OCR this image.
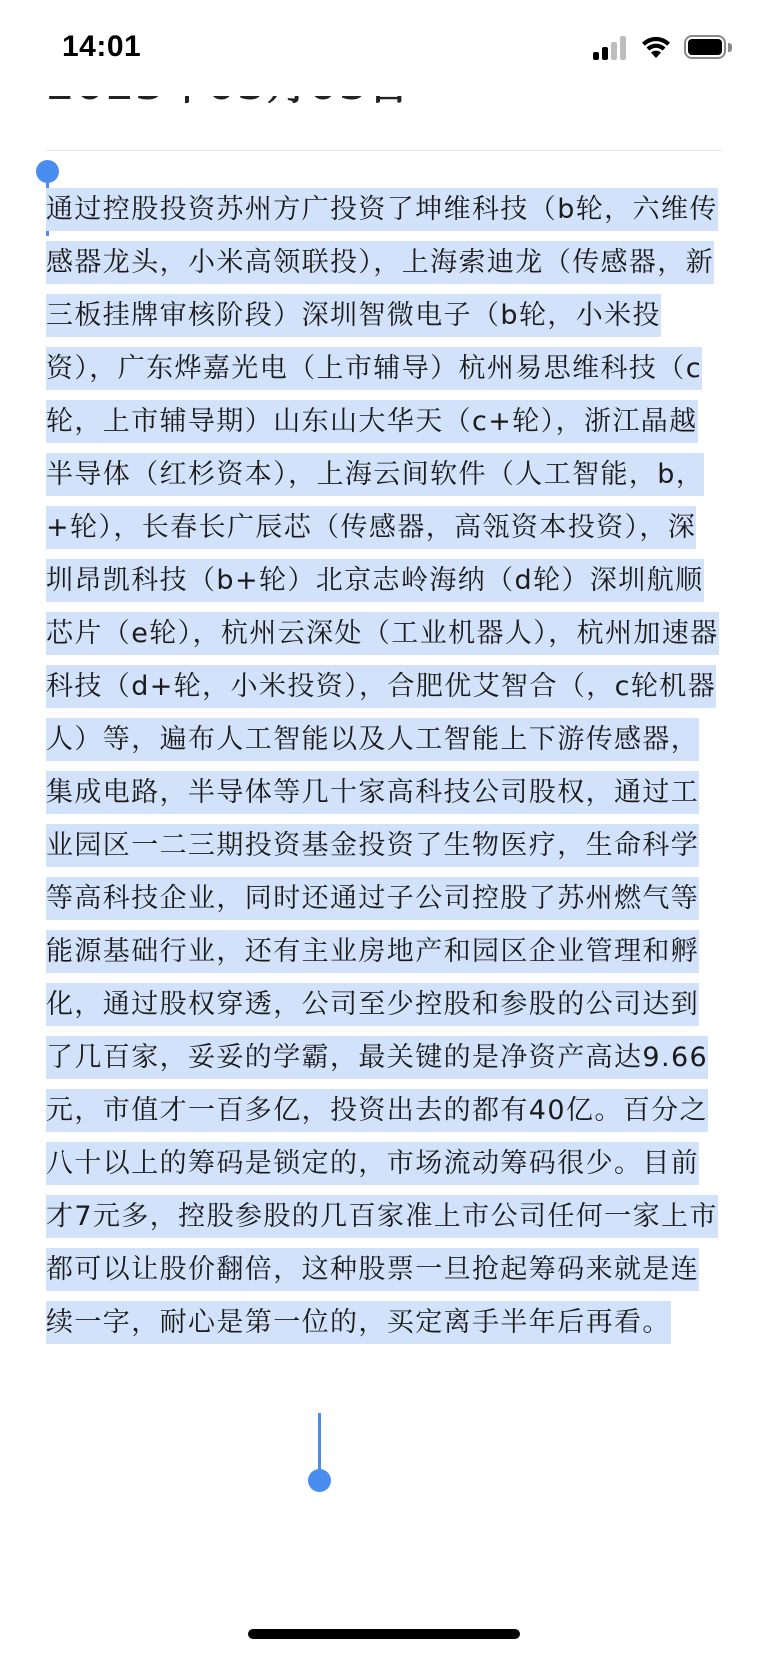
14:01
通过控股投资苏州方广投资了坤维科技（b轮，六维传感器龙头，小米高领联投），上海索迪龙（传感器，新三板挂牌审核阶段）深圳智微电子（b轮，小米投资），广东烨嘉光电（上市辅导）杭州易思维科技（c轮，上市辅导期）山东山大华天（c+轮），浙江晶越半导体（红杉资本），上海云间软件（人工智能，b，+轮），长春长广辰芯（传感器，高瓴资本投资），深圳昂凯科技（b+轮）北京志岭海纳（d轮）深圳航顺芯片（e轮），杭州云深处（工业机器人），杭州加速器科技（d+轮，小米投资），合肥优艾智合（，c轮机器人）等，遍布人工智能以及人工智能上下游传感器，集成电路，半导体等几十家高科技公司股权，通过工业园区一二三期投资基金投资了生物医疗，生命科学等高科技企业，同时还通过子公司控股了苏州燃气等能源基础行业，还有主业房地产和园区企业管理和孵化，通过股权穿透，公司至少控股和参股的公司达到了几百家，妥妥的学霸，最关键的是净资产高达9.66元，市值才一百多亿，投资出去的都有40亿。百分之八十以上的筹码是锁定的，市场流动筹码很少。目前才7元多，控股参股的几百家准上市公司任何一家上市都可以让股价翻倍，这种股票一旦抢起筹码来就是连续一字，耐心是第一位的，买定离手半年后再看。
